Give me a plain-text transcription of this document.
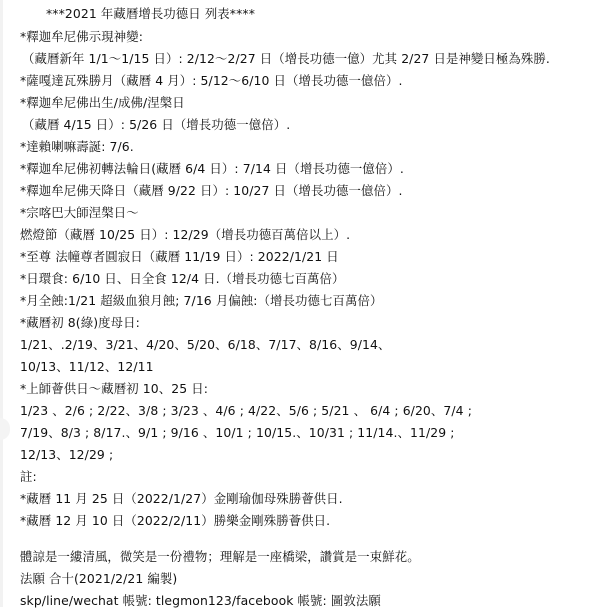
***2021 年藏曆增長功德日 列表****
*釋迦牟尼佛示現神變:
（藏曆新年 1/1～1/15 日）: 2/12～2/27 日（增長功德一億）尤其 2/27 日是神變日極為殊勝.
*薩嘎達瓦殊勝月（藏曆 4 月）: 5/12～6/10 日（增長功德一億倍）.
*釋迦牟尼佛出生/成佛/涅槃日
（藏曆 4/15 日）: 5/26 日（增長功德一億倍）.
*達賴喇嘛壽誕: 7/6.
*釋迦牟尼佛初轉法輪日(藏曆 6/4 日）: 7/14 日（增長功德一億倍）.
*釋迦牟尼佛天降日（藏曆 9/22 日）: 10/27 日（增長功德一億倍）.
*宗喀巴大師涅槃日～
燃燈節（藏曆 10/25 日）: 12/29（增長功德百萬倍以上）.
*至尊 法幢尊者圓寂日（藏曆 11/19 日）: 2022/1/21 日
*日環食: 6/10 日、日全食 12/4 日.（增長功德七百萬倍）
*月全蝕:1/21 超級血狼月蝕; 7/16 月偏蝕:（增長功德七百萬倍）
*藏曆初 8(綠)度母日:
1/21、.2/19、3/21、4/20、5/20、6/18、7/17、8/16、9/14、
10/13、11/12、12/11
*上師薈供日～藏曆初 10、25 日:
1/23 、2/6 ; 2/22、3/8 ; 3/23 、4/6 ; 4/22、5/6 ; 5/21 、 6/4 ; 6/20、7/4 ;
7/19、8/3 ; 8/17.、9/1 ; 9/16 、10/1 ; 10/15.、10/31 ; 11/14.、11/29 ;
12/13、12/29 ;
註:
*藏曆 11 月 25 日（2022/1/27）金剛瑜伽母殊勝薈供日.
*藏曆 12 月 10 日（2022/2/11）勝樂金剛殊勝薈供日.
體諒是一縷清風，微笑是一份禮物；理解是一座橋梁，讚賞是一束鮮花。
法願 合十(2021/2/21 編製)
skp/line/wechat 帳號: tlegmon123/facebook 帳號: 圖敦法願
